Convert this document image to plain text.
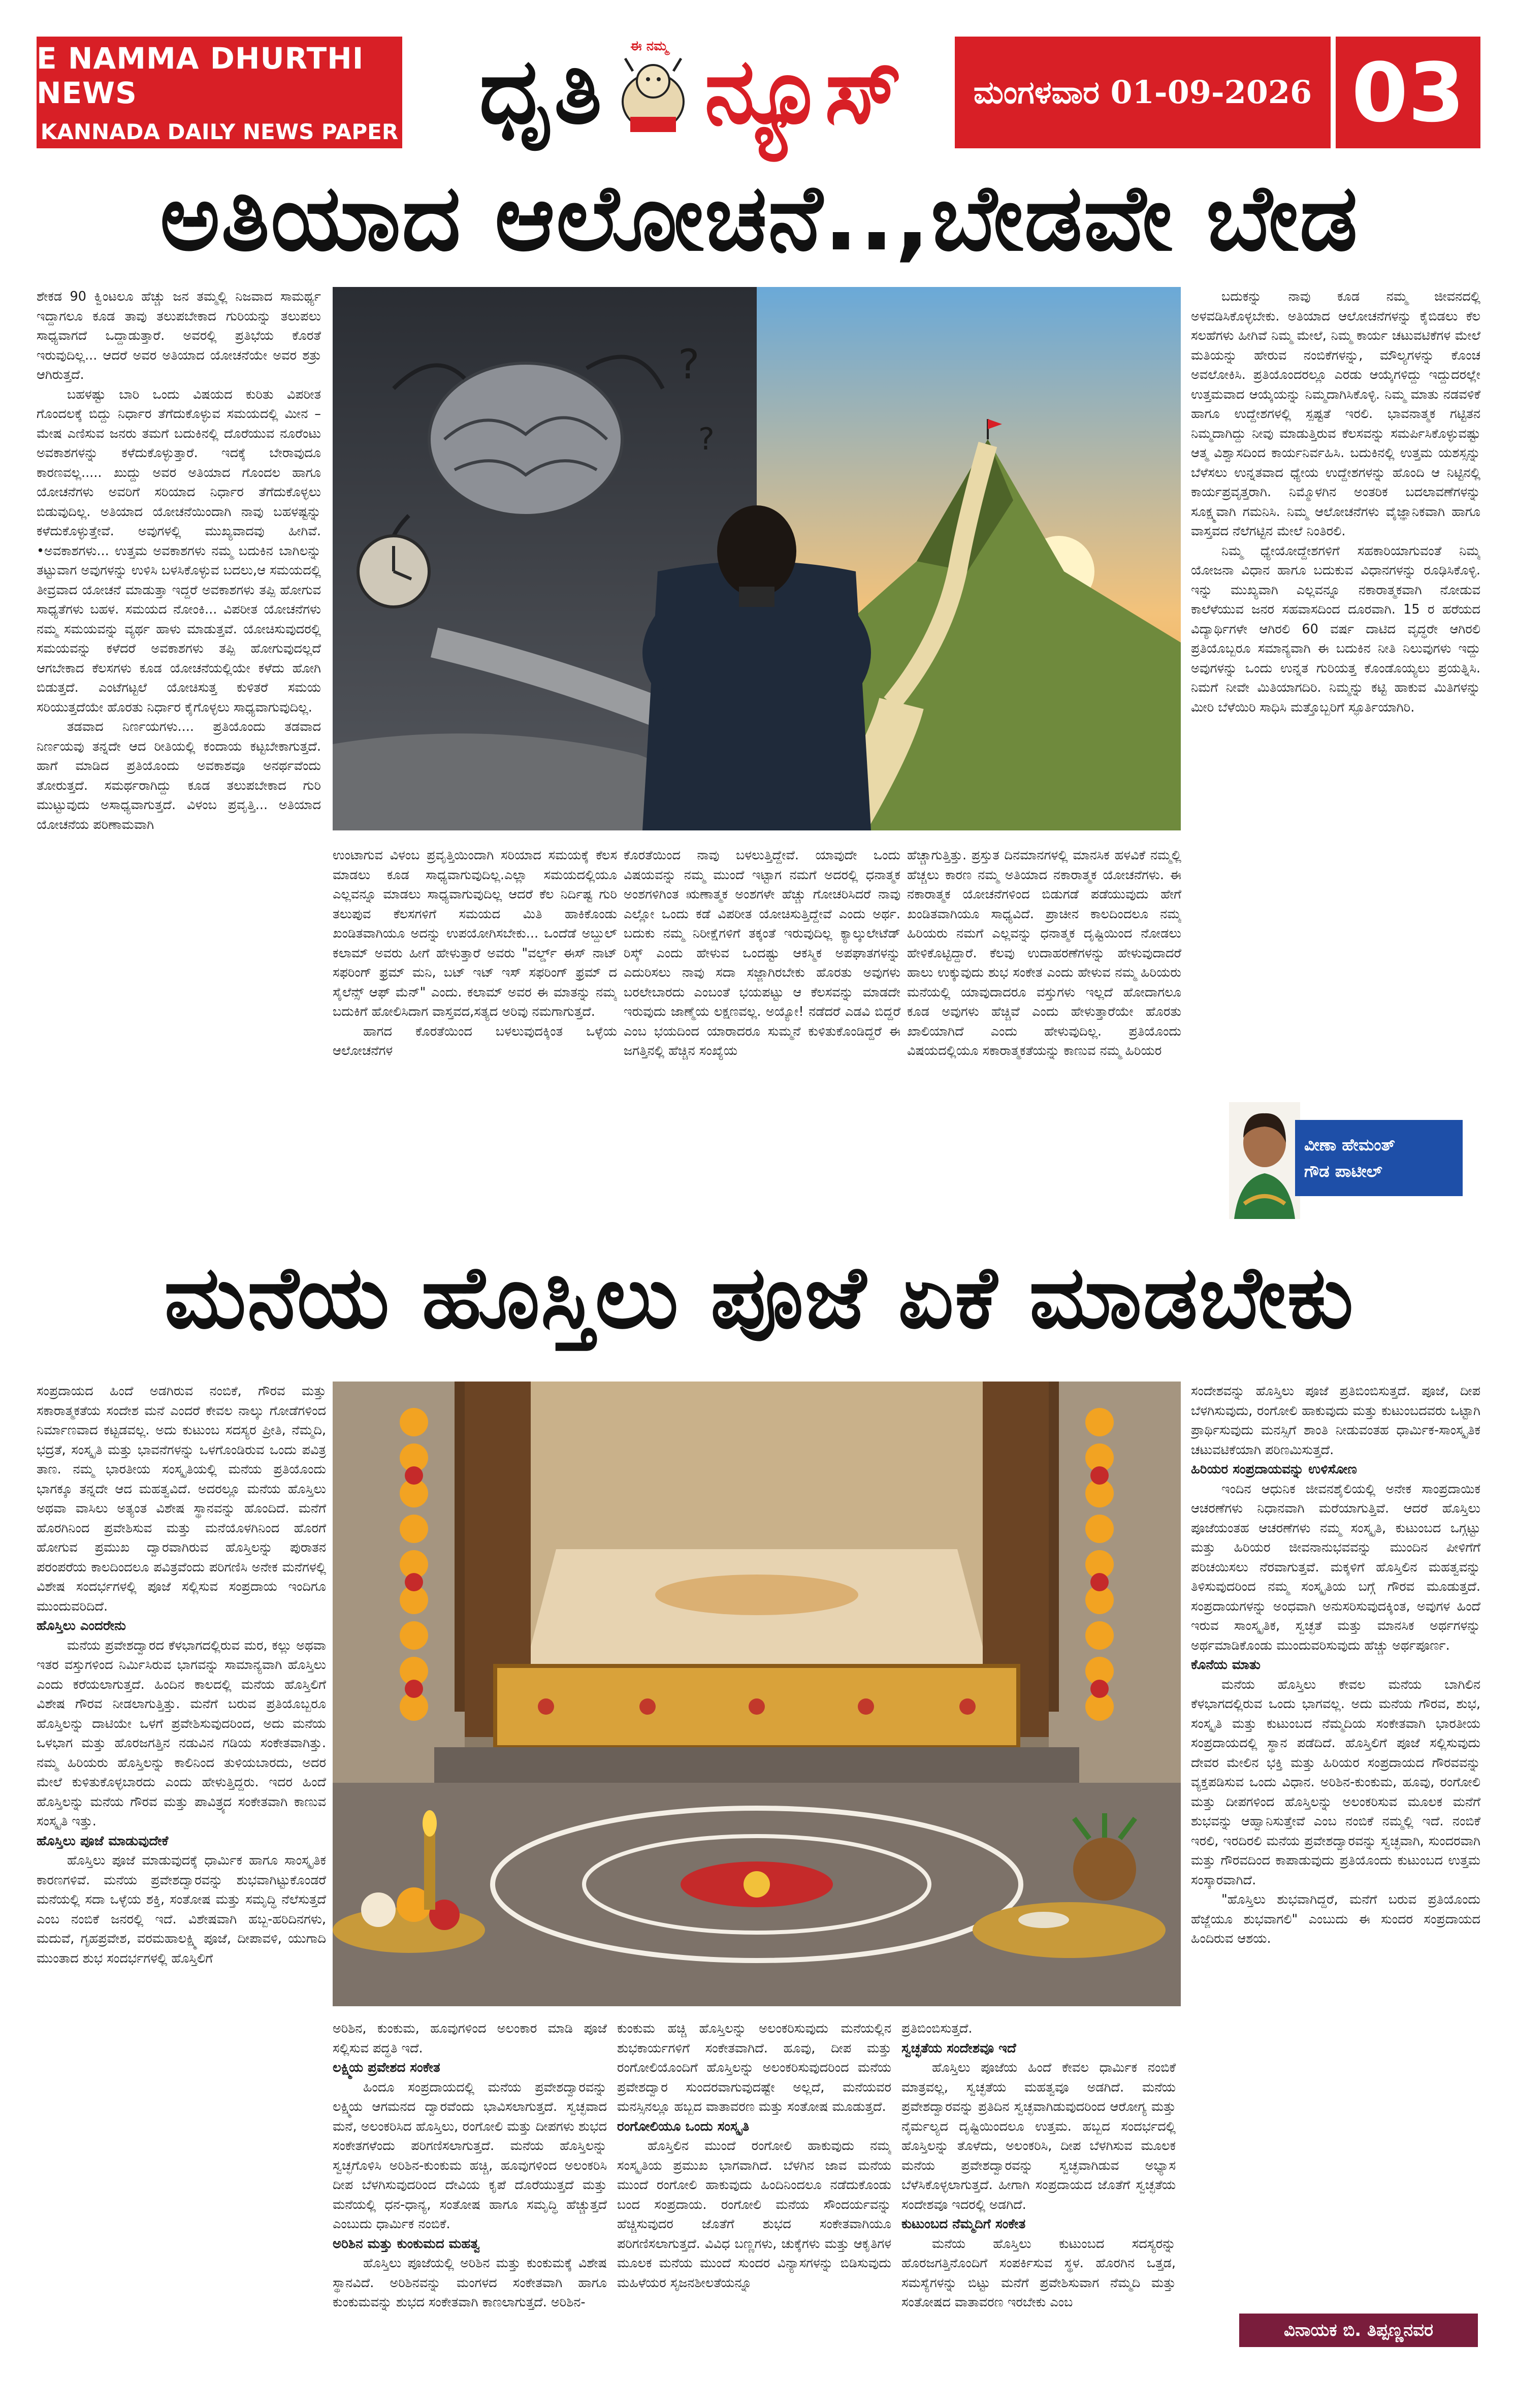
E NAMMA DHURTHI NEWS
KANNADA DAILY NEWS PAPER ಧೃತಿ ಈ ನಮ್ಮ ನ್ಯೂಸ್	ಮಂಗಳವಾರ 01-09-2026 03
ಅತಿಯಾದ ಆಲೋಚನೆ..,ಬೇಡವೇ ಬೇಡ

ಶೇಕಡ 90 ಕ್ವಿಂಟಲೂ ಹೆಚ್ಚು ಜನ ತಮ್ಮಲ್ಲಿ ನಿಜವಾದ ಸಾಮರ್ಥ್ಯ ಇದ್ದಾಗಲೂ ಕೂಡ ತಾವು ತಲುಪಬೇಕಾದ ಗುರಿಯನ್ನು ತಲುಪಲು ಸಾಧ್ಯವಾಗದೆ ಒದ್ದಾಡುತ್ತಾರೆ. ಅವರಲ್ಲಿ ಪ್ರತಿಭೆಯ ಕೊರತೆ ಇರುವುದಿಲ್ಲ... ಆದರೆ ಅವರ ಅತಿಯಾದ ಯೋಚನೆಯೇ ಅವರ ಶತ್ರು ಆಗಿರುತ್ತದೆ.

ಬಹಳಷ್ಟು ಬಾರಿ ಒಂದು ವಿಷಯದ ಕುರಿತು ವಿಪರೀತ ಗೊಂದಲಕ್ಕೆ ಬಿದ್ದು ನಿರ್ಧಾರ ತೆಗೆದುಕೊಳ್ಳುವ ಸಮಯದಲ್ಲಿ ಮೀನ –ಮೇಷ ಎಣಿಸುವ ಜನರು ತಮಗೆ ಬದುಕಿನಲ್ಲಿ ದೊರೆಯುವ ನೂರೆಂಟು ಅವಕಾಶಗಳನ್ನು ಕಳೆದುಕೊಳ್ಳುತ್ತಾರೆ. ಇದಕ್ಕೆ ಬೇರಾವುದೂ ಕಾರಣವಲ್ಲ..... ಖುದ್ದು ಅವರ ಅತಿಯಾದ ಗೊಂದಲ ಹಾಗೂ ಯೋಚನೆಗಳು ಅವರಿಗೆ ಸರಿಯಾದ ನಿರ್ಧಾರ ತೆಗೆದುಕೊಳ್ಳಲು ಬಿಡುವುದಿಲ್ಲ. ಅತಿಯಾದ ಯೋಚನೆಯಿಂದಾಗಿ ನಾವು ಬಹಳಷ್ಟನ್ನು ಕಳೆದುಕೊಳ್ಳುತ್ತೇವೆ. ಅವುಗಳಲ್ಲಿ ಮುಖ್ಯವಾದವು ಹೀಗಿವೆ. •ಅವಕಾಶಗಳು... ಉತ್ತಮ ಅವಕಾಶಗಳು ನಮ್ಮ ಬದುಕಿನ ಬಾಗಿಲನ್ನು ತಟ್ಟುವಾಗ ಅವುಗಳನ್ನು ಉಳಿಸಿ ಬಳಸಿಕೊಳ್ಳುವ ಬದಲು,ಆ ಸಮಯದಲ್ಲಿ ತೀವ್ರವಾದ ಯೋಚನೆ ಮಾಡುತ್ತಾ ಇದ್ದರೆ ಅವಕಾಶಗಳು ತಪ್ಪಿ ಹೋಗುವ ಸಾಧ್ಯತೆಗಳು ಬಹಳ. ಸಮಯದ ನೋಂಕಿ... ವಿಪರೀತ ಯೋಚನೆಗಳು ನಮ್ಮ ಸಮಯವನ್ನು ವ್ಯರ್ಥ ಹಾಳು ಮಾಡುತ್ತವೆ. ಯೋಚಿಸುವುದರಲ್ಲಿ ಸಮಯವನ್ನು ಕಳೆದರೆ ಅವಕಾಶಗಳು ತಪ್ಪಿ ಹೋಗುವುದಲ್ಲದೆ ಆಗಬೇಕಾದ ಕೆಲಸಗಳು ಕೂಡ ಯೋಚನೆಯಲ್ಲಿಯೇ ಕಳೆದು ಹೋಗಿ ಬಿಡುತ್ತದೆ. ಎಂಟೆಗಟ್ಟಲೆ ಯೋಚಿಸುತ್ತ ಕುಳಿತರೆ ಸಮಯ ಸರಿಯುತ್ತದೆಯೇ ಹೊರತು ನಿರ್ಧಾರ ಕೈಗೊಳ್ಳಲು ಸಾಧ್ಯವಾಗುವುದಿಲ್ಲ.

ತಡವಾದ ನಿರ್ಣಯಗಳು.... ಪ್ರತಿಯೊಂದು ತಡವಾದ ನಿರ್ಣಯವು ತನ್ನದೇ ಆದ ರೀತಿಯಲ್ಲಿ ಕಂದಾಯ ಕಟ್ಟಬೇಕಾಗುತ್ತದೆ. ಹಾಗೆ ಮಾಡಿದ ಪ್ರತಿಯೊಂದು ಅವಕಾಶವೂ ಅನರ್ಥವೆಂದು ತೋರುತ್ತದೆ. ಸಮರ್ಥರಾಗಿದ್ದು ಕೂಡ ತಲುಪಬೇಕಾದ ಗುರಿ ಮುಟ್ಟುವುದು ಅಸಾಧ್ಯವಾಗುತ್ತದೆ. ವಿಳಂಬ ಪ್ರವೃತ್ತಿ... ಅತಿಯಾದ ಯೋಚನೆಯ ಪರಿಣಾಮವಾಗಿ

ಉಂಟಾಗುವ ವಿಳಂಬ ಪ್ರವೃತ್ತಿಯಿಂದಾಗಿ ಸರಿಯಾದ ಸಮಯಕ್ಕೆ ಕೆಲಸ ಮಾಡಲು ಕೂಡ ಸಾಧ್ಯವಾಗುವುದಿಲ್ಲ.ಎಲ್ಲಾ ಸಮಯದಲ್ಲಿಯೂ ಎಲ್ಲವನ್ನೂ ಮಾಡಲು ಸಾಧ್ಯವಾಗುವುದಿಲ್ಲ ಆದರೆ ಕೆಲ ನಿರ್ದಿಷ್ಟ ಗುರಿ ತಲುಪುವ ಕೆಲಸಗಳಿಗೆ ಸಮಯದ ಮಿತಿ ಹಾಕಿಕೊಂಡು ಖಂಡಿತವಾಗಿಯೂ ಅದನ್ನು ಉಪಯೋಗಿಸಬೇಕು... ಒಂದೆಡೆ ಅಬ್ದುಲ್ ಕಲಾಮ್ ಅವರು ಹೀಗೆ ಹೇಳುತ್ತಾರೆ ಅವರು "ವರ್ಲ್ಡ್ ಈಸ್ ನಾಟ್ ಸಫರಿಂಗ್ ಫ್ರಮ್ ಮನಿ, ಬಟ್ ಇಟ್ ಇಸ್ ಸಫರಿಂಗ್ ಫ್ರಮ್ ದ ಸೈಲೆನ್ಸ್ ಆಫ್ ಮೆನ್" ಎಂದು. ಕಲಾಮ್ ಅವರ ಈ ಮಾತನ್ನು ನಮ್ಮ ಬದುಕಿಗೆ ಹೋಲಿಸಿದಾಗ ವಾಸ್ತವದ,ಸತ್ಯದ ಅರಿವು ನಮಗಾಗುತ್ತದೆ.

ಹಾಗದ ಕೊರತೆಯಿಂದ ಬಳಲುವುದಕ್ಕಿಂತ ಒಳ್ಳೆಯ ಆಲೋಚನೆಗಳ

ಕೊರತೆಯಿಂದ ನಾವು ಬಳಲುತ್ತಿದ್ದೇವೆ. ಯಾವುದೇ ಒಂದು ವಿಷಯವನ್ನು ನಮ್ಮ ಮುಂದೆ ಇಟ್ಟಾಗ ನಮಗೆ ಅದರಲ್ಲಿ ಧನಾತ್ಮಕ ಅಂಶಗಳಿಗಿಂತ ಋಣಾತ್ಮಕ ಅಂಶಗಳೇ ಹೆಚ್ಚು ಗೋಚರಿಸಿದರೆ ನಾವು ಎಲ್ಲೋ ಒಂದು ಕಡೆ ವಿಪರೀತ ಯೋಚಿಸುತ್ತಿದ್ದೇವೆ ಎಂದು ಅರ್ಥ. ಬದುಕು ನಮ್ಮ ನಿರೀಕ್ಷೆಗಳಿಗೆ ತಕ್ಕಂತೆ ಇರುವುದಿಲ್ಲ ಕ್ಯಾಲ್ಕುಲೇಟೆಡ್ ರಿಸ್ಕ್ ಎಂದು ಹೇಳುವ ಒಂದಷ್ಟು ಆಕಸ್ಮಿಕ ಅಪಘಾತಗಳನ್ನು ಎದುರಿಸಲು ನಾವು ಸದಾ ಸಜ್ಜಾಗಿರಬೇಕು ಹೊರತು ಅವುಗಳು ಬರಲೇಬಾರದು ಎಂಬಂತೆ ಭಯಪಟ್ಟು ಆ ಕೆಲಸವನ್ನು ಮಾಡದೇ ಇರುವುದು ಜಾಣ್ಮೆಯ ಲಕ್ಷಣವಲ್ಲ. ಅಯ್ಯೋ! ನಡೆದರೆ ಎಡವಿ ಬಿದ್ದರೆ ಎಂಬ ಭಯದಿಂದ ಯಾರಾದರೂ ಸುಮ್ಮನೆ ಕುಳಿತುಕೊಂಡಿದ್ದರೆ ಈ ಜಗತ್ತಿನಲ್ಲಿ ಹೆಚ್ಚಿನ ಸಂಖ್ಯೆಯ

ಹೆಚ್ಚಾಗುತ್ತಿತ್ತು. ಪ್ರಸ್ತುತ ದಿನಮಾನಗಳಲ್ಲಿ ಮಾನಸಿಕ ಹಳವಿಕೆ ನಮ್ಮಲ್ಲಿ ಹೆಚ್ಚಲು ಕಾರಣ ನಮ್ಮ ಅತಿಯಾದ ನಕಾರಾತ್ಮಕ ಯೋಚನೆಗಳು. ಈ ನಕಾರಾತ್ಮಕ ಯೋಚನೆಗಳಿಂದ ಬಿಡುಗಡೆ ಪಡೆಯುವುದು ಹೇಗೆ ಖಂಡಿತವಾಗಿಯೂ ಸಾಧ್ಯವಿದೆ. ಪ್ರಾಚೀನ ಕಾಲದಿಂದಲೂ ನಮ್ಮ ಹಿರಿಯರು ನಮಗೆ ಎಲ್ಲವನ್ನು ಧನಾತ್ಮಕ ದೃಷ್ಟಿಯಿಂದ ನೋಡಲು ಹೇಳಿಕೊಟ್ಟಿದ್ದಾರೆ. ಕೆಲವು ಉದಾಹರಣೆಗಳನ್ನು ಹೇಳುವುದಾದರೆ ಹಾಲು ಉಕ್ಕುವುದು ಶುಭ ಸಂಕೇತ ಎಂದು ಹೇಳುವ ನಮ್ಮ ಹಿರಿಯರು ಮನೆಯಲ್ಲಿ ಯಾವುದಾದರೂ ವಸ್ತುಗಳು ಇಲ್ಲದೆ ಹೋದಾಗಲೂ ಕೂಡ ಅವುಗಳು ಹೆಚ್ಚಿವೆ ಎಂದು ಹೇಳುತ್ತಾರೆಯೇ ಹೊರತು ಖಾಲಿಯಾಗಿದೆ ಎಂದು ಹೇಳುವುದಿಲ್ಲ. ಪ್ರತಿಯೊಂದು ವಿಷಯದಲ್ಲಿಯೂ ಸಕಾರಾತ್ಮಕತೆಯನ್ನು ಕಾಣುವ ನಮ್ಮ ಹಿರಿಯರ

ಬದುಕನ್ನು ನಾವು ಕೂಡ ನಮ್ಮ ಜೀವನದಲ್ಲಿ ಅಳವಡಿಸಿಕೊಳ್ಳಬೇಕು. ಅತಿಯಾದ ಆಲೋಚನೆಗಳನ್ನು ಕೈಬಿಡಲು ಕೆಲ ಸಲಹೆಗಳು ಹೀಗಿವೆ ನಿಮ್ಮ ಮೇಲೆ, ನಿಮ್ಮ ಕಾರ್ಯ ಚಟುವಟಿಕೆಗಳ ಮೇಲೆ ಮತಿಯನ್ನು ಹೇರುವ ನಂಬಿಕೆಗಳನ್ನು, ಮೌಲ್ಯಗಳನ್ನು ಕೊಂಚ ಅವಲೋಕಿಸಿ. ಪ್ರತಿಯೊಂದರಲ್ಲೂ ಎರಡು ಆಯ್ಕೆಗಳಿದ್ದು ಇದ್ದುದರಲ್ಲೇ ಉತ್ತಮವಾದ ಆಯ್ಕೆಯನ್ನು ನಿಮ್ಮದಾಗಿಸಿಕೊಳ್ಳಿ. ನಿಮ್ಮ ಮಾತು ನಡವಳಿಕೆ ಹಾಗೂ ಉದ್ದೇಶಗಳಲ್ಲಿ ಸ್ಪಷ್ಟತೆ ಇರಲಿ. ಭಾವನಾತ್ಮಕ ಗಟ್ಟಿತನ ನಿಮ್ಮದಾಗಿದ್ದು ನೀವು ಮಾಡುತ್ತಿರುವ ಕೆಲಸವನ್ನು ಸಮರ್ಪಿಸಿಕೊಳ್ಳುವಷ್ಟು ಆತ್ಮ ವಿಶ್ವಾಸದಿಂದ ಕಾರ್ಯನಿರ್ವಹಿಸಿ. ಬದುಕಿನಲ್ಲಿ ಉತ್ತಮ ಯಶಸ್ಸನ್ನು ಬೆಳೆಸಲು ಉನ್ನತವಾದ ಧ್ಯೇಯ ಉದ್ದೇಶಗಳನ್ನು ಹೊಂದಿ ಆ ನಿಟ್ಟಿನಲ್ಲಿ ಕಾರ್ಯಪ್ರವೃತ್ತರಾಗಿ. ನಿಮ್ಮೊಳಗಿನ ಅಂತರಿಕ ಬದಲಾವಣೆಗಳನ್ನು ಸೂಕ್ಷ್ಮವಾಗಿ ಗಮನಿಸಿ. ನಿಮ್ಮ ಆಲೋಚನೆಗಳು ವೈಜ್ಞಾನಿಕವಾಗಿ ಹಾಗೂ ವಾಸ್ತವದ ನೆಲೆಗಟ್ಟಿನ ಮೇಲೆ ನಿಂತಿರಲಿ.

ನಿಮ್ಮ ಧ್ಯೇಯೋದ್ದೇಶಗಳಿಗೆ ಸಹಕಾರಿಯಾಗುವಂತೆ ನಿಮ್ಮ ಯೋಜನಾ ವಿಧಾನ ಹಾಗೂ ಬದುಕುವ ವಿಧಾನಗಳನ್ನು ರೂಢಿಸಿಕೊಳ್ಳಿ. ಇನ್ನು ಮುಖ್ಯವಾಗಿ ಎಲ್ಲವನ್ನೂ ನಕಾರಾತ್ಮಕವಾಗಿ ನೋಡುವ ಕಾಲೆಳೆಯುವ ಜನರ ಸಹವಾಸದಿಂದ ದೂರವಾಗಿ. 15 ರ ಹರೆಯದ ವಿದ್ಯಾರ್ಥಿಗಳೇ ಆಗಿರಲಿ 60 ವರ್ಷ ದಾಟಿದ ವೃದ್ಧರೇ ಆಗಿರಲಿ ಪ್ರತಿಯೊಬ್ಬರೂ ಸಮಾನ್ಯವಾಗಿ ಈ ಬದುಕಿನ ನೀತಿ ನಿಲುವುಗಳು ಇದ್ದು ಅವುಗಳನ್ನು ಒಂದು ಉನ್ನತ ಗುರಿಯತ್ತ ಕೊಂಡೊಯ್ಯಲು ಪ್ರಯತ್ನಿಸಿ. ನಿಮಗೆ ನೀವೇ ಮಿತಿಯಾಗದಿರಿ. ನಿಮ್ಮನ್ನು ಕಟ್ಟಿ ಹಾಕುವ ಮಿತಿಗಳನ್ನು ಮೀರಿ ಬೆಳೆಯಿರಿ ಸಾಧಿಸಿ ಮತ್ತೊಬ್ಬರಿಗೆ ಸ್ಫೂರ್ತಿಯಾಗಿರಿ.

?
?
ವೀಣಾ ಹೇಮಂತ್
ಗೌಡ ಪಾಟೀಲ್
ಮನೆಯ ಹೊಸ್ತಿಲು ಪೂಜೆ ಏಕೆ ಮಾಡಬೇಕು

ಸಂಪ್ರದಾಯದ ಹಿಂದೆ ಅಡಗಿರುವ ನಂಬಿಕೆ, ಗೌರವ ಮತ್ತು ಸಕಾರಾತ್ಮಕತೆಯ ಸಂದೇಶ ಮನೆ ಎಂದರೆ ಕೇವಲ ನಾಲ್ಕು ಗೋಡೆಗಳಿಂದ ನಿರ್ಮಾಣವಾದ ಕಟ್ಟಡವಲ್ಲ. ಅದು ಕುಟುಂಬ ಸದಸ್ಯರ ಪ್ರೀತಿ, ನೆಮ್ಮದಿ, ಭದ್ರತೆ, ಸಂಸ್ಕೃತಿ ಮತ್ತು ಭಾವನೆಗಳನ್ನು ಒಳಗೊಂಡಿರುವ ಒಂದು ಪವಿತ್ರ ತಾಣ. ನಮ್ಮ ಭಾರತೀಯ ಸಂಸ್ಕೃತಿಯಲ್ಲಿ ಮನೆಯ ಪ್ರತಿಯೊಂದು ಭಾಗಕ್ಕೂ ತನ್ನದೇ ಆದ ಮಹತ್ವವಿದೆ. ಅದರಲ್ಲೂ ಮನೆಯ ಹೊಸ್ತಿಲು ಅಥವಾ ವಾಸಿಲು ಅತ್ಯಂತ ವಿಶೇಷ ಸ್ಥಾನವನ್ನು ಹೊಂದಿದೆ. ಮನೆಗೆ ಹೊರಗಿನಿಂದ ಪ್ರವೇಶಿಸುವ ಮತ್ತು ಮನೆಯೊಳಗಿನಿಂದ ಹೊರಗೆ ಹೋಗುವ ಪ್ರಮುಖ ದ್ವಾರವಾಗಿರುವ ಹೊಸ್ತಿಲನ್ನು ಪುರಾತನ ಪರಂಪರೆಯ ಕಾಲದಿಂದಲೂ ಪವಿತ್ರವೆಂದು ಪರಿಗಣಿಸಿ ಅನೇಕ ಮನೆಗಳಲ್ಲಿ ವಿಶೇಷ ಸಂದರ್ಭಗಳಲ್ಲಿ ಪೂಜೆ ಸಲ್ಲಿಸುವ ಸಂಪ್ರದಾಯ ಇಂದಿಗೂ ಮುಂದುವರಿದಿದೆ.

ಹೊಸ್ತಿಲು ಎಂದರೇನು

ಮನೆಯ ಪ್ರವೇಶದ್ವಾರದ ಕೆಳಭಾಗದಲ್ಲಿರುವ ಮರ, ಕಲ್ಲು ಅಥವಾ ಇತರ ವಸ್ತುಗಳಿಂದ ನಿರ್ಮಿಸಿರುವ ಭಾಗವನ್ನು ಸಾಮಾನ್ಯವಾಗಿ ಹೊಸ್ತಿಲು ಎಂದು ಕರೆಯಲಾಗುತ್ತದೆ. ಹಿಂದಿನ ಕಾಲದಲ್ಲಿ ಮನೆಯ ಹೊಸ್ತಿಲಿಗೆ ವಿಶೇಷ ಗೌರವ ನೀಡಲಾಗುತ್ತಿತ್ತು. ಮನೆಗೆ ಬರುವ ಪ್ರತಿಯೊಬ್ಬರೂ ಹೊಸ್ತಿಲನ್ನು ದಾಟಿಯೇ ಒಳಗೆ ಪ್ರವೇಶಿಸುವುದರಿಂದ, ಅದು ಮನೆಯ ಒಳಭಾಗ ಮತ್ತು ಹೊರಜಗತ್ತಿನ ನಡುವಿನ ಗಡಿಯ ಸಂಕೇತವಾಗಿತ್ತು. ನಮ್ಮ ಹಿರಿಯರು ಹೊಸ್ತಿಲನ್ನು ಕಾಲಿನಿಂದ ತುಳಿಯಬಾರದು, ಅದರ ಮೇಲೆ ಕುಳಿತುಕೊಳ್ಳಬಾರದು ಎಂದು ಹೇಳುತ್ತಿದ್ದರು. ಇದರ ಹಿಂದೆ ಹೊಸ್ತಿಲನ್ನು ಮನೆಯ ಗೌರವ ಮತ್ತು ಪಾವಿತ್ರ್ಯದ ಸಂಕೇತವಾಗಿ ಕಾಣುವ ಸಂಸ್ಕೃತಿ ಇತ್ತು.

ಹೊಸ್ತಿಲು ಪೂಜೆ ಮಾಡುವುದೇಕೆ

ಹೊಸ್ತಿಲು ಪೂಜೆ ಮಾಡುವುದಕ್ಕೆ ಧಾರ್ಮಿಕ ಹಾಗೂ ಸಾಂಸ್ಕೃತಿಕ ಕಾರಣಗಳಿವೆ. ಮನೆಯ ಪ್ರವೇಶದ್ವಾರವನ್ನು ಶುಭವಾಗಿಟ್ಟುಕೊಂಡರೆ ಮನೆಯಲ್ಲಿ ಸದಾ ಒಳ್ಳೆಯ ಶಕ್ತಿ, ಸಂತೋಷ ಮತ್ತು ಸಮೃದ್ಧಿ ನೆಲೆಸುತ್ತದೆ ಎಂಬ ನಂಬಿಕೆ ಜನರಲ್ಲಿ ಇದೆ. ವಿಶೇಷವಾಗಿ ಹಬ್ಬ-ಹರಿದಿನಗಳು, ಮದುವೆ, ಗೃಹಪ್ರವೇಶ, ವರಮಹಾಲಕ್ಷ್ಮಿ ಪೂಜೆ, ದೀಪಾವಳಿ, ಯುಗಾದಿ ಮುಂತಾದ ಶುಭ ಸಂದರ್ಭಗಳಲ್ಲಿ ಹೊಸ್ತಿಲಿಗೆ

ಅರಿಶಿನ, ಕುಂಕುಮ, ಹೂವುಗಳಿಂದ ಅಲಂಕಾರ ಮಾಡಿ ಪೂಜೆ ಸಲ್ಲಿಸುವ ಪದ್ಧತಿ ಇದೆ.

ಲಕ್ಷ್ಮಿಯ ಪ್ರವೇಶದ ಸಂಕೇತ

ಹಿಂದೂ ಸಂಪ್ರದಾಯದಲ್ಲಿ ಮನೆಯ ಪ್ರವೇಶದ್ವಾರವನ್ನು ಲಕ್ಷ್ಮಿಯ ಆಗಮನದ ದ್ವಾರವೆಂದು ಭಾವಿಸಲಾಗುತ್ತದೆ. ಸ್ವಚ್ಛವಾದ ಮನೆ, ಅಲಂಕರಿಸಿದ ಹೊಸ್ತಿಲು, ರಂಗೋಲಿ ಮತ್ತು ದೀಪಗಳು ಶುಭದ ಸಂಕೇತಗಳೆಂದು ಪರಿಗಣಿಸಲಾಗುತ್ತದೆ. ಮನೆಯ ಹೊಸ್ತಿಲನ್ನು ಸ್ವಚ್ಛಗೊಳಿಸಿ ಅರಿಶಿನ-ಕುಂಕುಮ ಹಚ್ಚಿ, ಹೂವುಗಳಿಂದ ಅಲಂಕರಿಸಿ ದೀಪ ಬೆಳಗಿಸುವುದರಿಂದ ದೇವಿಯ ಕೃಪೆ ದೊರೆಯುತ್ತದೆ ಮತ್ತು ಮನೆಯಲ್ಲಿ ಧನ-ಧಾನ್ಯ, ಸಂತೋಷ ಹಾಗೂ ಸಮೃದ್ಧಿ ಹೆಚ್ಚುತ್ತದೆ ಎಂಬುದು ಧಾರ್ಮಿಕ ನಂಬಿಕೆ.

ಅರಿಶಿನ ಮತ್ತು ಕುಂಕುಮದ ಮಹತ್ವ

ಹೊಸ್ತಿಲು ಪೂಜೆಯಲ್ಲಿ ಅರಿಶಿನ ಮತ್ತು ಕುಂಕುಮಕ್ಕೆ ವಿಶೇಷ ಸ್ಥಾನವಿದೆ. ಅರಿಶಿನವನ್ನು ಮಂಗಳದ ಸಂಕೇತವಾಗಿ ಹಾಗೂ ಕುಂಕುಮವನ್ನು ಶುಭದ ಸಂಕೇತವಾಗಿ ಕಾಣಲಾಗುತ್ತದೆ. ಅರಿಶಿನ-

ಕುಂಕುಮ ಹಚ್ಚಿ ಹೊಸ್ತಿಲನ್ನು ಅಲಂಕರಿಸುವುದು ಮನೆಯಲ್ಲಿನ ಶುಭಕಾರ್ಯಗಳಿಗೆ ಸಂಕೇತವಾಗಿದೆ. ಹೂವು, ದೀಪ ಮತ್ತು ರಂಗೋಲಿಯೊಂದಿಗೆ ಹೊಸ್ತಿಲನ್ನು ಅಲಂಕರಿಸುವುದರಿಂದ ಮನೆಯ ಪ್ರವೇಶದ್ವಾರ ಸುಂದರವಾಗುವುದಷ್ಟೇ ಅಲ್ಲದೆ, ಮನೆಯವರ ಮನಸ್ಸಿನಲ್ಲೂ ಹಬ್ಬದ ವಾತಾವರಣ ಮತ್ತು ಸಂತೋಷ ಮೂಡುತ್ತದೆ.

ರಂಗೋಲಿಯೂ ಒಂದು ಸಂಸ್ಕೃತಿ

ಹೊಸ್ತಿಲಿನ ಮುಂದೆ ರಂಗೋಲಿ ಹಾಕುವುದು ನಮ್ಮ ಸಂಸ್ಕೃತಿಯ ಪ್ರಮುಖ ಭಾಗವಾಗಿದೆ. ಬೆಳಗಿನ ಜಾವ ಮನೆಯ ಮುಂದೆ ರಂಗೋಲಿ ಹಾಕುವುದು ಹಿಂದಿನಿಂದಲೂ ನಡೆದುಕೊಂಡು ಬಂದ ಸಂಪ್ರದಾಯ. ರಂಗೋಲಿ ಮನೆಯ ಸೌಂದರ್ಯವನ್ನು ಹೆಚ್ಚಿಸುವುದರ ಜೊತೆಗೆ ಶುಭದ ಸಂಕೇತವಾಗಿಯೂ ಪರಿಗಣಿಸಲಾಗುತ್ತದೆ. ವಿವಿಧ ಬಣ್ಣಗಳು, ಚುಕ್ಕೆಗಳು ಮತ್ತು ಆಕೃತಿಗಳ ಮೂಲಕ ಮನೆಯ ಮುಂದೆ ಸುಂದರ ವಿನ್ಯಾಸಗಳನ್ನು ಬಿಡಿಸುವುದು ಮಹಿಳೆಯರ ಸೃಜನಶೀಲತೆಯನ್ನೂ

ಪ್ರತಿಬಿಂಬಿಸುತ್ತದೆ.

ಸ್ವಚ್ಛತೆಯ ಸಂದೇಶವೂ ಇದೆ

ಹೊಸ್ತಿಲು ಪೂಜೆಯ ಹಿಂದೆ ಕೇವಲ ಧಾರ್ಮಿಕ ನಂಬಿಕೆ ಮಾತ್ರವಲ್ಲ, ಸ್ವಚ್ಛತೆಯ ಮಹತ್ವವೂ ಅಡಗಿದೆ. ಮನೆಯ ಪ್ರವೇಶದ್ವಾರವನ್ನು ಪ್ರತಿದಿನ ಸ್ವಚ್ಛವಾಗಿಡುವುದರಿಂದ ಆರೋಗ್ಯ ಮತ್ತು ನೈರ್ಮಲ್ಯದ ದೃಷ್ಟಿಯಿಂದಲೂ ಉತ್ತಮ. ಹಬ್ಬದ ಸಂದರ್ಭದಲ್ಲಿ ಹೊಸ್ತಿಲನ್ನು ತೊಳೆದು, ಅಲಂಕರಿಸಿ, ದೀಪ ಬೆಳಗಿಸುವ ಮೂಲಕ ಮನೆಯ ಪ್ರವೇಶದ್ವಾರವನ್ನು ಸ್ವಚ್ಛವಾಗಿಡುವ ಅಭ್ಯಾಸ ಬೆಳೆಸಿಕೊಳ್ಳಲಾಗುತ್ತದೆ. ಹೀಗಾಗಿ ಸಂಪ್ರದಾಯದ ಜೊತೆಗೆ ಸ್ವಚ್ಛತೆಯ ಸಂದೇಶವೂ ಇದರಲ್ಲಿ ಅಡಗಿದೆ.

ಕುಟುಂಬದ ನೆಮ್ಮದಿಗೆ ಸಂಕೇತ

ಮನೆಯ ಹೊಸ್ತಿಲು ಕುಟುಂಬದ ಸದಸ್ಯರನ್ನು ಹೊರಜಗತ್ತಿನೊಂದಿಗೆ ಸಂಪರ್ಕಿಸುವ ಸ್ಥಳ. ಹೊರಗಿನ ಒತ್ತಡ, ಸಮಸ್ಯೆಗಳನ್ನು ಬಿಟ್ಟು ಮನೆಗೆ ಪ್ರವೇಶಿಸುವಾಗ ನೆಮ್ಮದಿ ಮತ್ತು ಸಂತೋಷದ ವಾತಾವರಣ ಇರಬೇಕು ಎಂಬ

ಸಂದೇಶವನ್ನು ಹೊಸ್ತಿಲು ಪೂಜೆ ಪ್ರತಿಬಿಂಬಿಸುತ್ತದೆ. ಪೂಜೆ, ದೀಪ ಬೆಳಗಿಸುವುದು, ರಂಗೋಲಿ ಹಾಕುವುದು ಮತ್ತು ಕುಟುಂಬದವರು ಒಟ್ಟಾಗಿ ಪ್ರಾರ್ಥಿಸುವುದು ಮನಸ್ಸಿಗೆ ಶಾಂತಿ ನೀಡುವಂತಹ ಧಾರ್ಮಿಕ-ಸಾಂಸ್ಕೃತಿಕ ಚಟುವಟಿಕೆಯಾಗಿ ಪರಿಣಮಿಸುತ್ತದೆ.

ಹಿರಿಯರ ಸಂಪ್ರದಾಯವನ್ನು ಉಳಿಸೋಣ

ಇಂದಿನ ಆಧುನಿಕ ಜೀವನಶೈಲಿಯಲ್ಲಿ ಅನೇಕ ಸಾಂಪ್ರದಾಯಿಕ ಆಚರಣೆಗಳು ನಿಧಾನವಾಗಿ ಮರೆಯಾಗುತ್ತಿವೆ. ಆದರೆ ಹೊಸ್ತಿಲು ಪೂಜೆಯಂತಹ ಆಚರಣೆಗಳು ನಮ್ಮ ಸಂಸ್ಕೃತಿ, ಕುಟುಂಬದ ಒಗ್ಗಟ್ಟು ಮತ್ತು ಹಿರಿಯರ ಜೀವನಾನುಭವವನ್ನು ಮುಂದಿನ ಪೀಳಿಗೆಗೆ ಪರಿಚಯಿಸಲು ನೆರವಾಗುತ್ತವೆ. ಮಕ್ಕಳಿಗೆ ಹೊಸ್ತಿಲಿನ ಮಹತ್ವವನ್ನು ತಿಳಿಸುವುದರಿಂದ ನಮ್ಮ ಸಂಸ್ಕೃತಿಯ ಬಗ್ಗೆ ಗೌರವ ಮೂಡುತ್ತದೆ. ಸಂಪ್ರದಾಯಗಳನ್ನು ಅಂಧವಾಗಿ ಅನುಸರಿಸುವುದಕ್ಕಿಂತ, ಅವುಗಳ ಹಿಂದೆ ಇರುವ ಸಾಂಸ್ಕೃತಿಕ, ಸ್ವಚ್ಛತೆ ಮತ್ತು ಮಾನಸಿಕ ಅರ್ಥಗಳನ್ನು ಅರ್ಥಮಾಡಿಕೊಂಡು ಮುಂದುವರಿಸುವುದು ಹೆಚ್ಚು ಅರ್ಥಪೂರ್ಣ.

ಕೊನೆಯ ಮಾತು

ಮನೆಯ ಹೊಸ್ತಿಲು ಕೇವಲ ಮನೆಯ ಬಾಗಿಲಿನ ಕೆಳಭಾಗದಲ್ಲಿರುವ ಒಂದು ಭಾಗವಲ್ಲ. ಅದು ಮನೆಯ ಗೌರವ, ಶುಭ, ಸಂಸ್ಕೃತಿ ಮತ್ತು ಕುಟುಂಬದ ನೆಮ್ಮದಿಯ ಸಂಕೇತವಾಗಿ ಭಾರತೀಯ ಸಂಪ್ರದಾಯದಲ್ಲಿ ಸ್ಥಾನ ಪಡೆದಿದೆ. ಹೊಸ್ತಿಲಿಗೆ ಪೂಜೆ ಸಲ್ಲಿಸುವುದು ದೇವರ ಮೇಲಿನ ಭಕ್ತಿ ಮತ್ತು ಹಿರಿಯರ ಸಂಪ್ರದಾಯದ ಗೌರವವನ್ನು ವ್ಯಕ್ತಪಡಿಸುವ ಒಂದು ವಿಧಾನ. ಅರಿಶಿನ-ಕುಂಕುಮ, ಹೂವು, ರಂಗೋಲಿ ಮತ್ತು ದೀಪಗಳಿಂದ ಹೊಸ್ತಿಲನ್ನು ಅಲಂಕರಿಸುವ ಮೂಲಕ ಮನೆಗೆ ಶುಭವನ್ನು ಆಹ್ವಾನಿಸುತ್ತೇವೆ ಎಂಬ ನಂಬಿಕೆ ನಮ್ಮಲ್ಲಿ ಇದೆ. ನಂಬಿಕೆ ಇರಲಿ, ಇರದಿರಲಿ ಮನೆಯ ಪ್ರವೇಶದ್ವಾರವನ್ನು ಸ್ವಚ್ಛವಾಗಿ, ಸುಂದರವಾಗಿ ಮತ್ತು ಗೌರವದಿಂದ ಕಾಪಾಡುವುದು ಪ್ರತಿಯೊಂದು ಕುಟುಂಬದ ಉತ್ತಮ ಸಂಸ್ಕಾರವಾಗಿದೆ.

"ಹೊಸ್ತಿಲು ಶುಭವಾಗಿದ್ದರೆ, ಮನೆಗೆ ಬರುವ ಪ್ರತಿಯೊಂದು ಹೆಜ್ಜೆಯೂ ಶುಭವಾಗಲಿ" ಎಂಬುದು ಈ ಸುಂದರ ಸಂಪ್ರದಾಯದ ಹಿಂದಿರುವ ಆಶಯ.

ವಿನಾಯಕ ಬಿ. ತಿಪ್ಪಣ್ಣನವರ
